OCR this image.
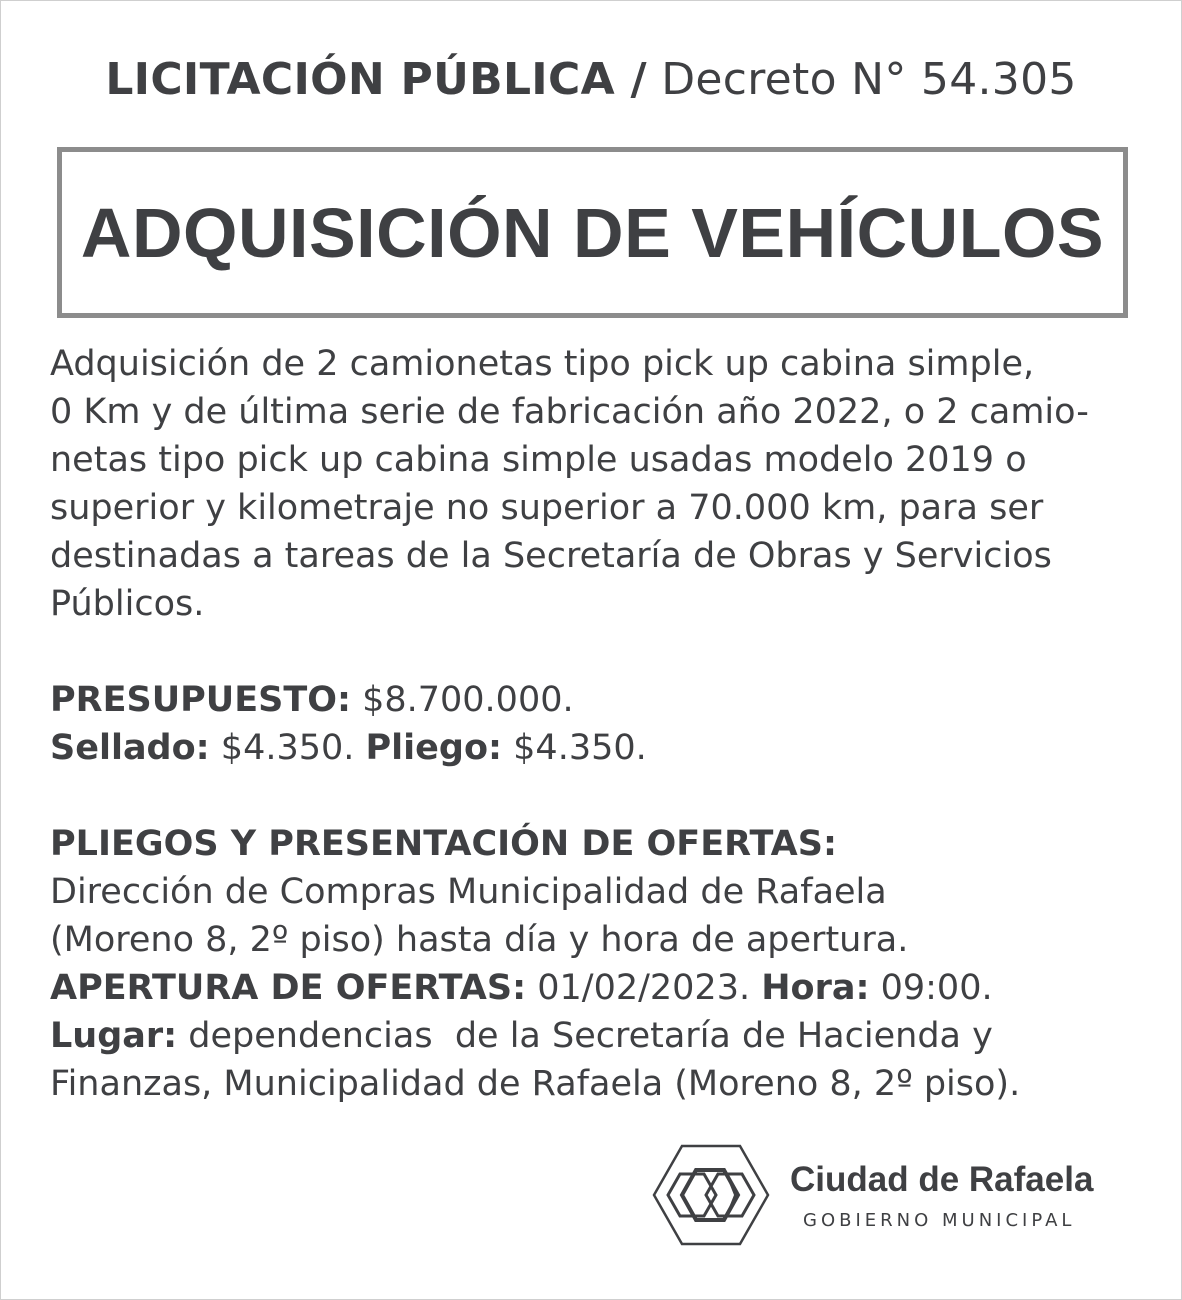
LICITACIÓN PÚBLICA / Decreto N° 54.305
ADQUISICIÓN DE VEHÍCULOS
Adquisición de 2 camionetas tipo pick up cabina simple,
0 Km y de última serie de fabricación año 2022, o 2 camio-
netas tipo pick up cabina simple usadas modelo 2019 o
superior y kilometraje no superior a 70.000 km, para ser
destinadas a tareas de la Secretaría de Obras y Servicios
Públicos.
PRESUPUESTO: $8.700.000.
Sellado: $4.350. Pliego: $4.350.
PLIEGOS Y PRESENTACIÓN DE OFERTAS:
Dirección de Compras Municipalidad de Rafaela
(Moreno 8, 2º piso) hasta día y hora de apertura.
APERTURA DE OFERTAS: 01/02/2023. Hora: 09:00.
Lugar: dependencias  de la Secretaría de Hacienda y
Finanzas, Municipalidad de Rafaela (Moreno 8, 2º piso).
Ciudad de Rafaela
GOBIERNO MUNICIPAL
